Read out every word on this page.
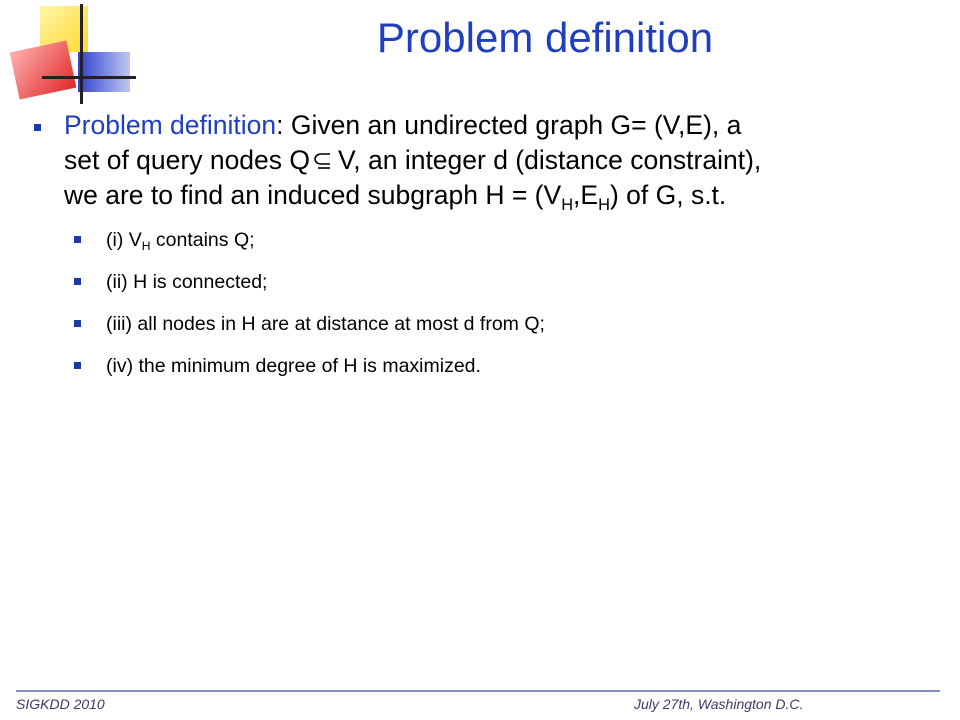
Problem definition
Problem definition: Given an undirected graph G= (V,E), a
set of query nodes Q V, an integer d (distance constraint),
we are to find an induced subgraph $H = (V_H,E_H)$ of G, s.t.
(i) $V_H$ contains Q;
(ii) H is connected;
(iii) all nodes in H are at distance at most d from Q;
(iv) the minimum degree of H is maximized.
SIGKDD 2010	July 27th, Washington D.C.
